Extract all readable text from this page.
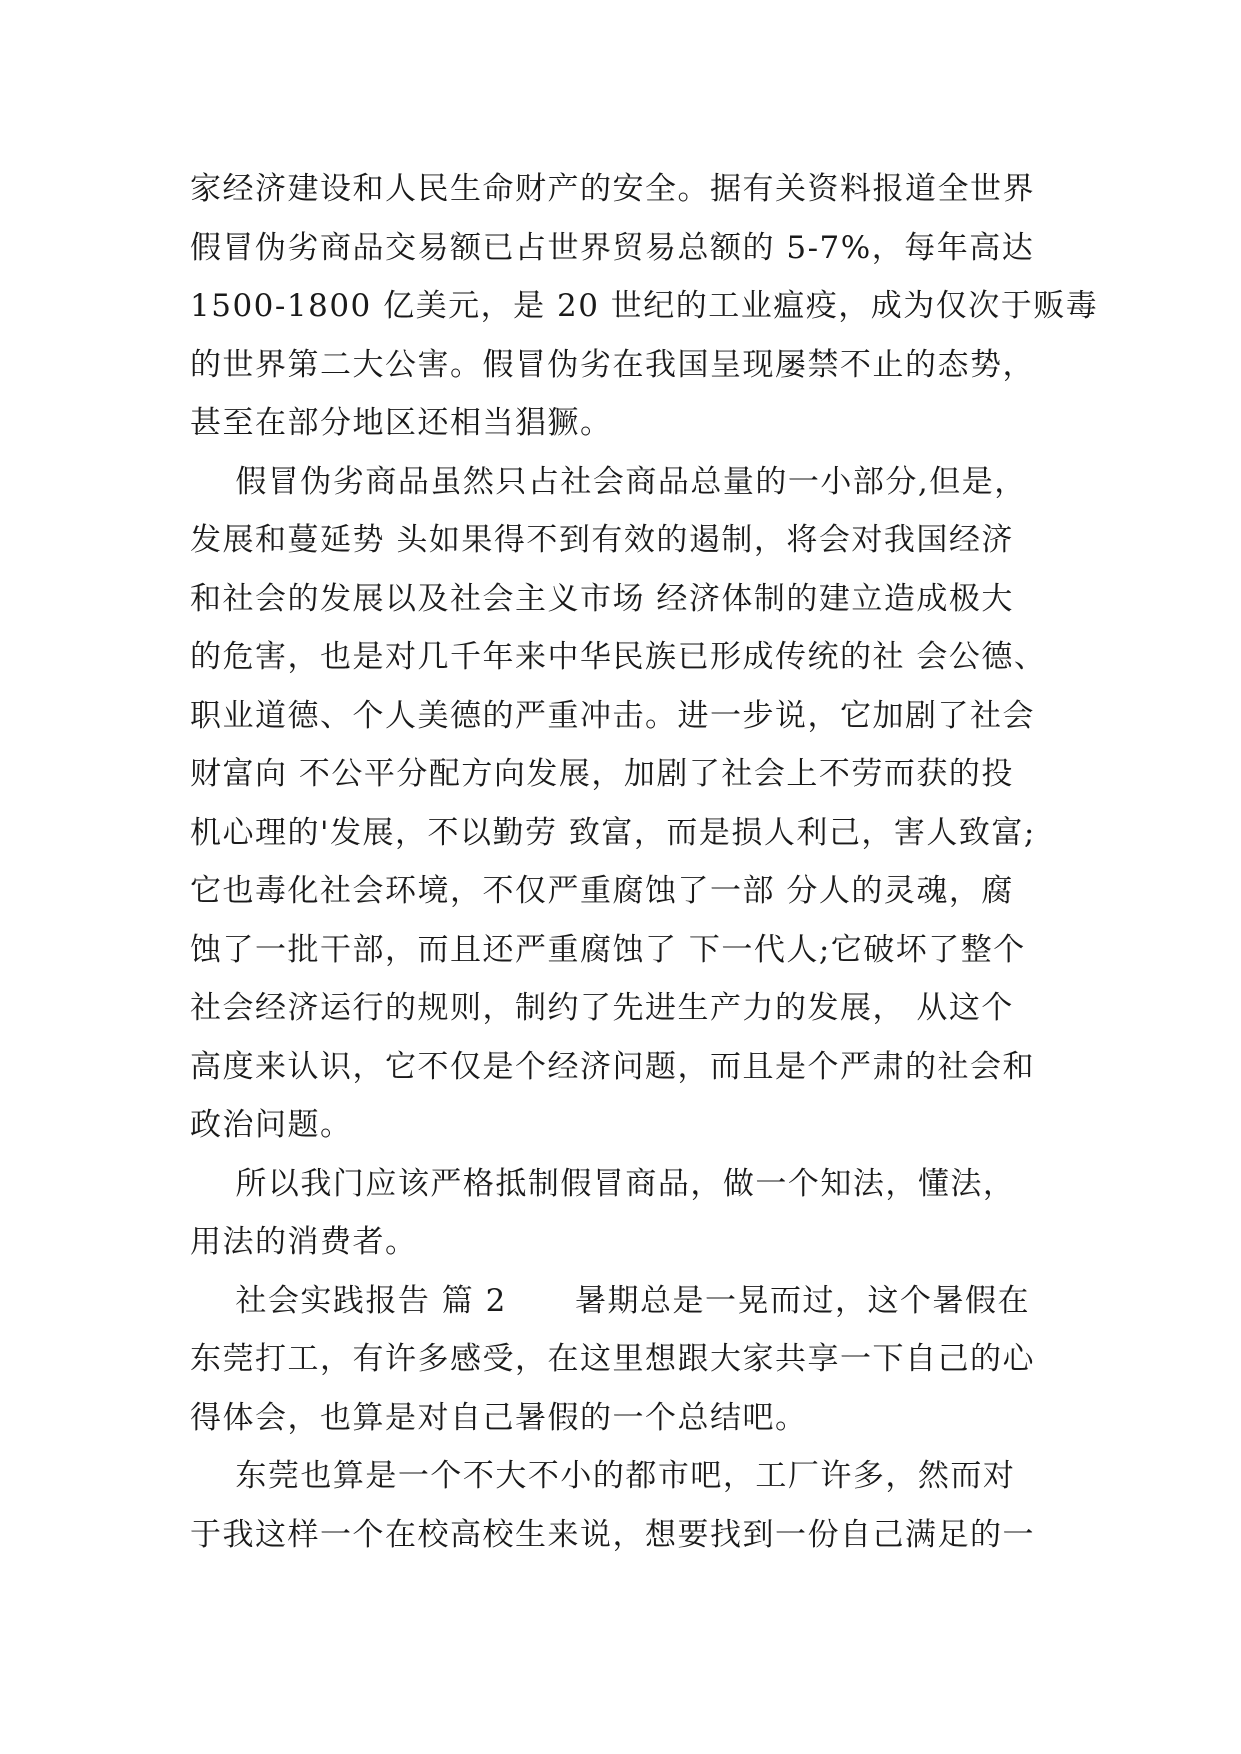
家经济建设和人民生命财产的安全。据有关资料报道全世界
假冒伪劣商品交易额已占世界贸易总额的 5-7%，每年高达
1500-1800 亿美元，是 20 世纪的工业瘟疫，成为仅次于贩毒
的世界第二大公害。假冒伪劣在我国呈现屡禁不止的态势，
甚至在部分地区还相当猖獗。
假冒伪劣商品虽然只占社会商品总量的一小部分,但是，
发展和蔓延势 头如果得不到有效的遏制，将会对我国经济
和社会的发展以及社会主义市场 经济体制的建立造成极大
的危害，也是对几千年来中华民族已形成传统的社 会公德、
职业道德、个人美德的严重冲击。进一步说，它加剧了社会
财富向 不公平分配方向发展，加剧了社会上不劳而获的投
机心理的'发展，不以勤劳 致富，而是损人利己，害人致富;
它也毒化社会环境，不仅严重腐蚀了一部 分人的灵魂，腐
蚀了一批干部，而且还严重腐蚀了 下一代人;它破坏了整个
社会经济运行的规则，制约了先进生产力的发展， 从这个
高度来认识，它不仅是个经济问题，而且是个严肃的社会和
政治问题。
所以我门应该严格抵制假冒商品，做一个知法，懂法，
用法的消费者。
社会实践报告 篇 2      暑期总是一晃而过，这个暑假在
东莞打工，有许多感受，在这里想跟大家共享一下自己的心
得体会，也算是对自己暑假的一个总结吧。
东莞也算是一个不大不小的都市吧，工厂许多，然而对
于我这样一个在校高校生来说，想要找到一份自己满足的一
